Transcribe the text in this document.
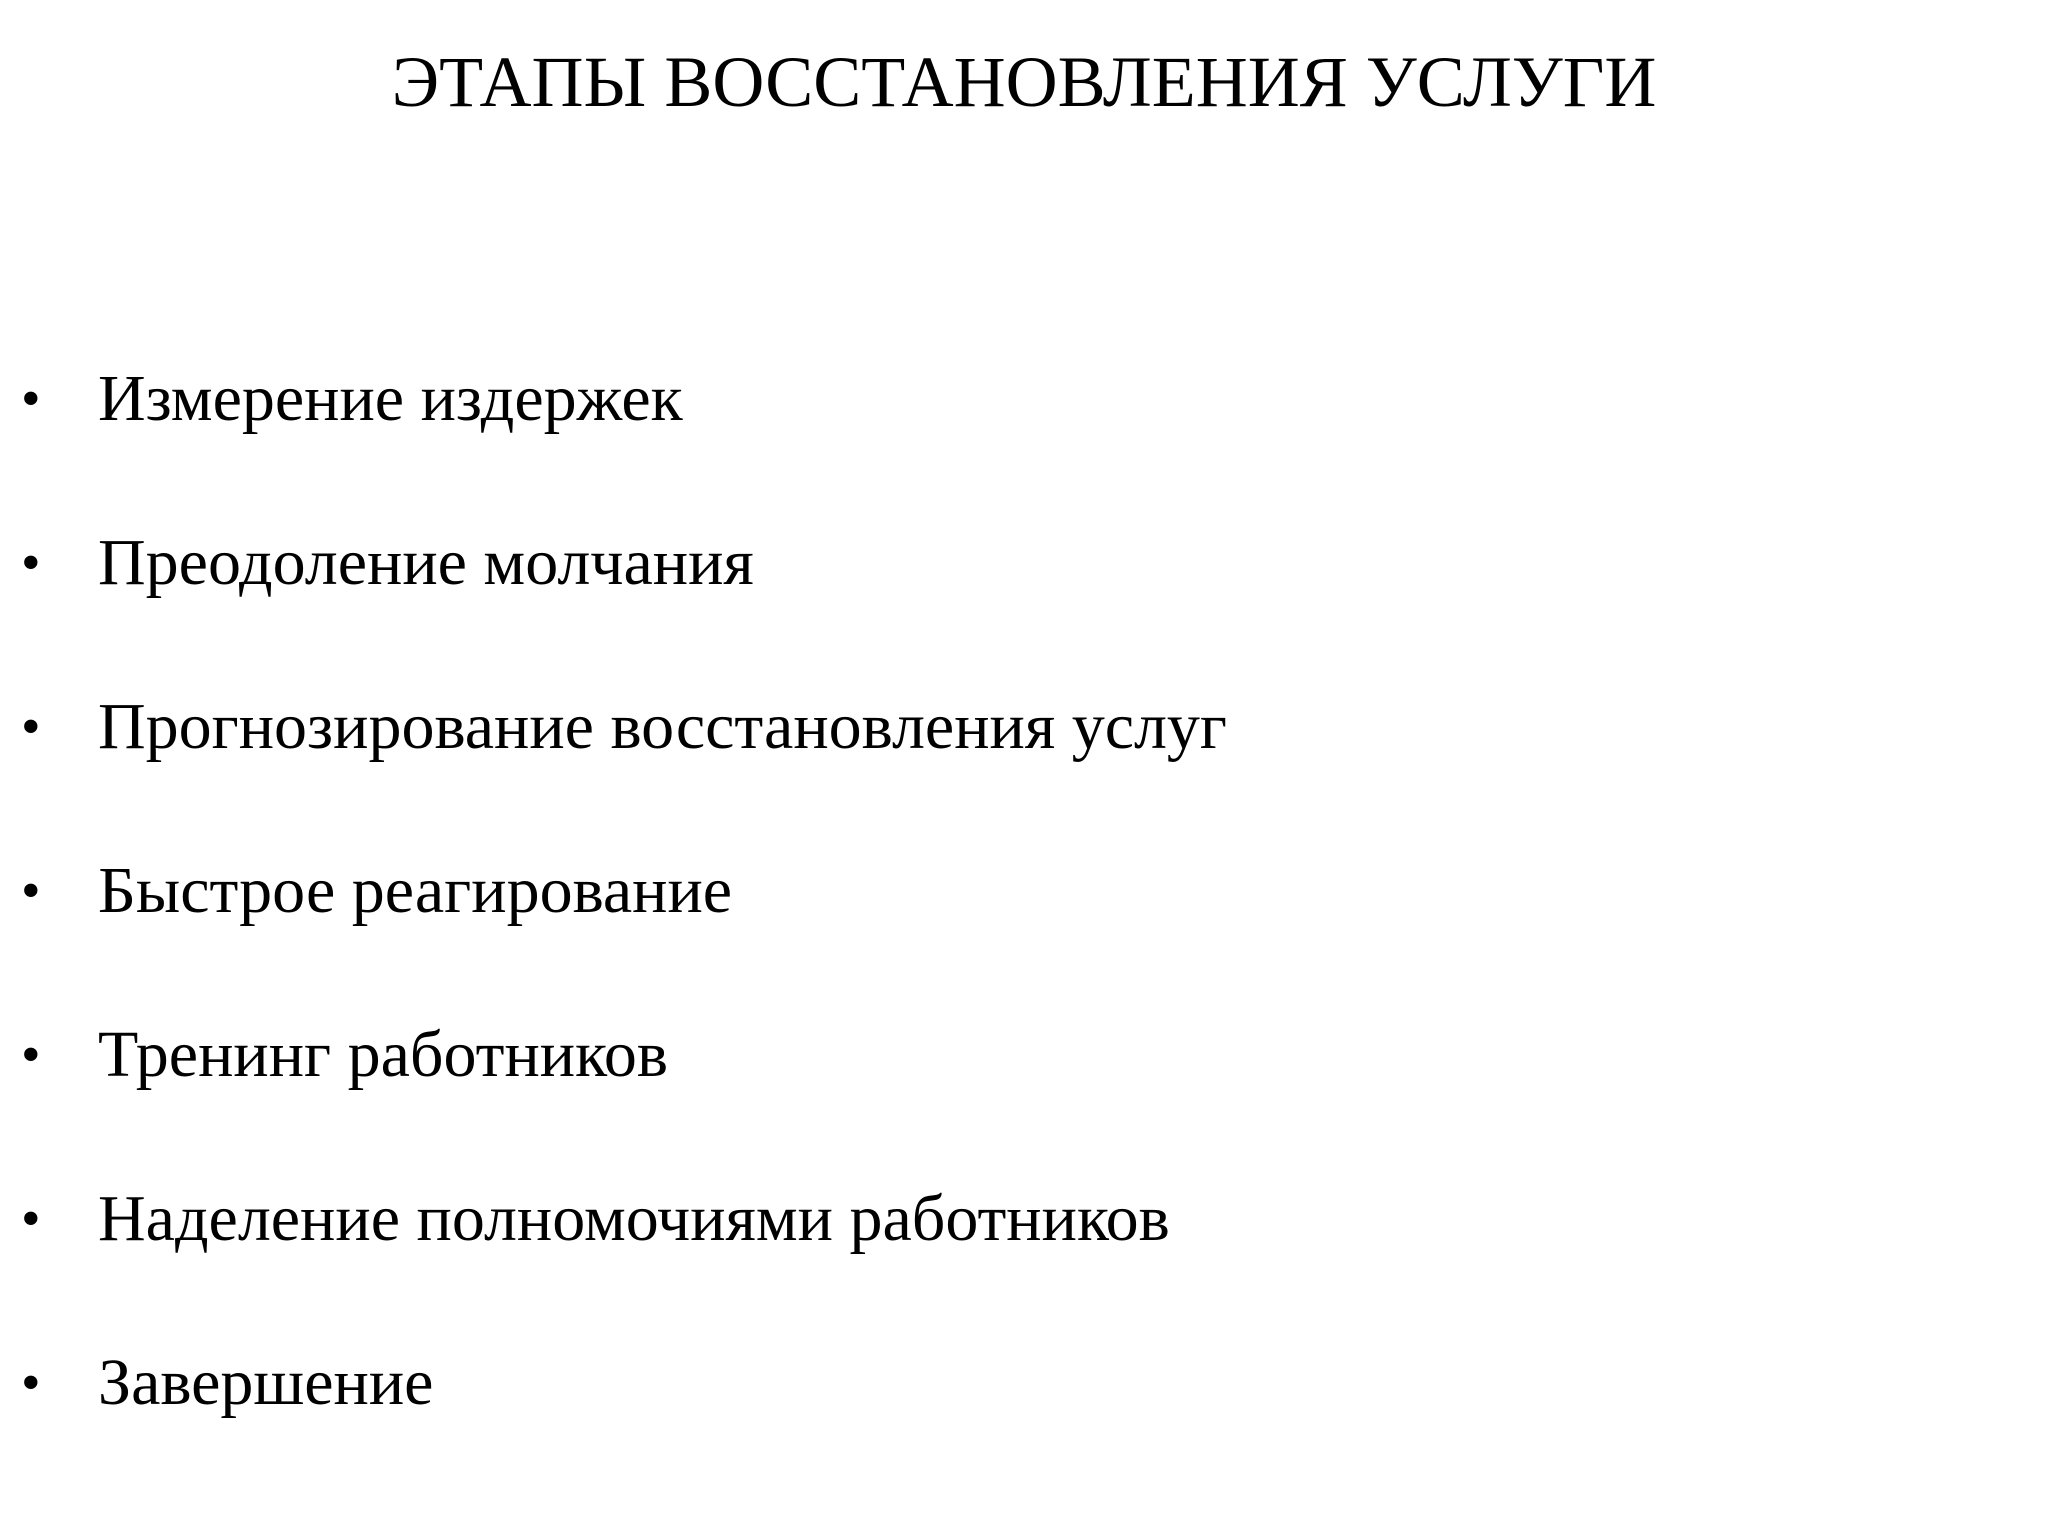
ЭТАПЫ ВОССТАНОВЛЕНИЯ УСЛУГИ
• Измерение издержек
• Преодоление молчания
• Прогнозирование восстановления услуг
• Быстрое реагирование
• Тренинг работников
• Наделение полномочиями работников
• Завершение
